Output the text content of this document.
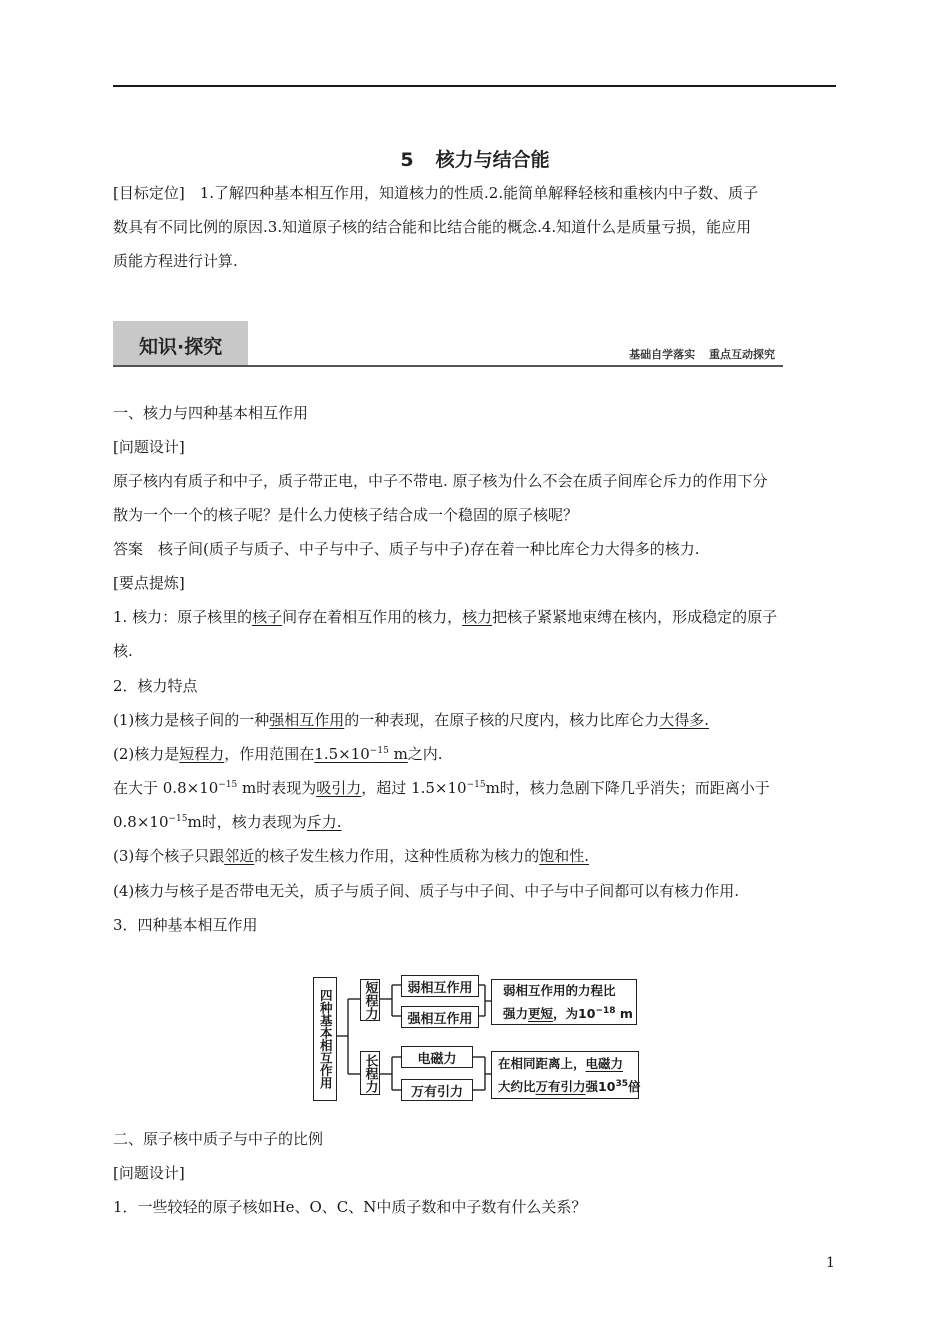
5 核力与结合能
[目标定位]　1.了解四种基本相互作用，知道核力的性质.2.能简单解释轻核和重核内中子数、质子
数具有不同比例的原因.3.知道原子核的结合能和比结合能的概念.4.知道什么是质量亏损，能应用
质能方程进行计算.
知识·探究	基础自学落实 重点互动探究
一、核力与四种基本相互作用
[问题设计]
原子核内有质子和中子，质子带正电，中子不带电. 原子核为什么不会在质子间库仑斥力的作用下分
散为一个一个的核子呢？是什么力使核子结合成一个稳固的原子核呢？
答案　核子间(质子与质子、中子与中子、质子与中子)存在着一种比库仑力大得多的核力.
[要点提炼]
1. 核力：原子核里的核子间存在着相互作用的核力，核力把核子紧紧地束缚在核内，形成稳定的原子
核.
2．核力特点
(1)核力是核子间的一种强相互作用的一种表现，在原子核的尺度内，核力比库仑力大得多.
(2)核力是短程力，作用范围在$1.5\times 10^{-15}$ m之内.
在大于 $0.8\times 10^{-15}$ m时表现为吸引力，超过 $1.5\times 10^{-15}m$时，核力急剧下降几乎消失；而距离小于
$0.8\times 10^{-15}m$时，核力表现为斥力.
(3)每个核子只跟邻近的核子发生核力作用，这种性质称为核力的饱和性.
(4)核力与核子是否带电无关，质子与质子间、质子与中子间、中子与中子间都可以有核力作用.
3．四种基本相互作用
四种基本相互作用 短程力
长程力
弱相互作用
强相互作用
电磁力
万有引力
弱相互作用的力程比
强力更短，为$10^{-18}$ m
在相同距离上，电磁力
大约比万有引力强$10^{35}$倍
二、原子核中质子与中子的比例
[问题设计]
1．一些较轻的原子核如He、O、C、N中质子数和中子数有什么关系？
1
